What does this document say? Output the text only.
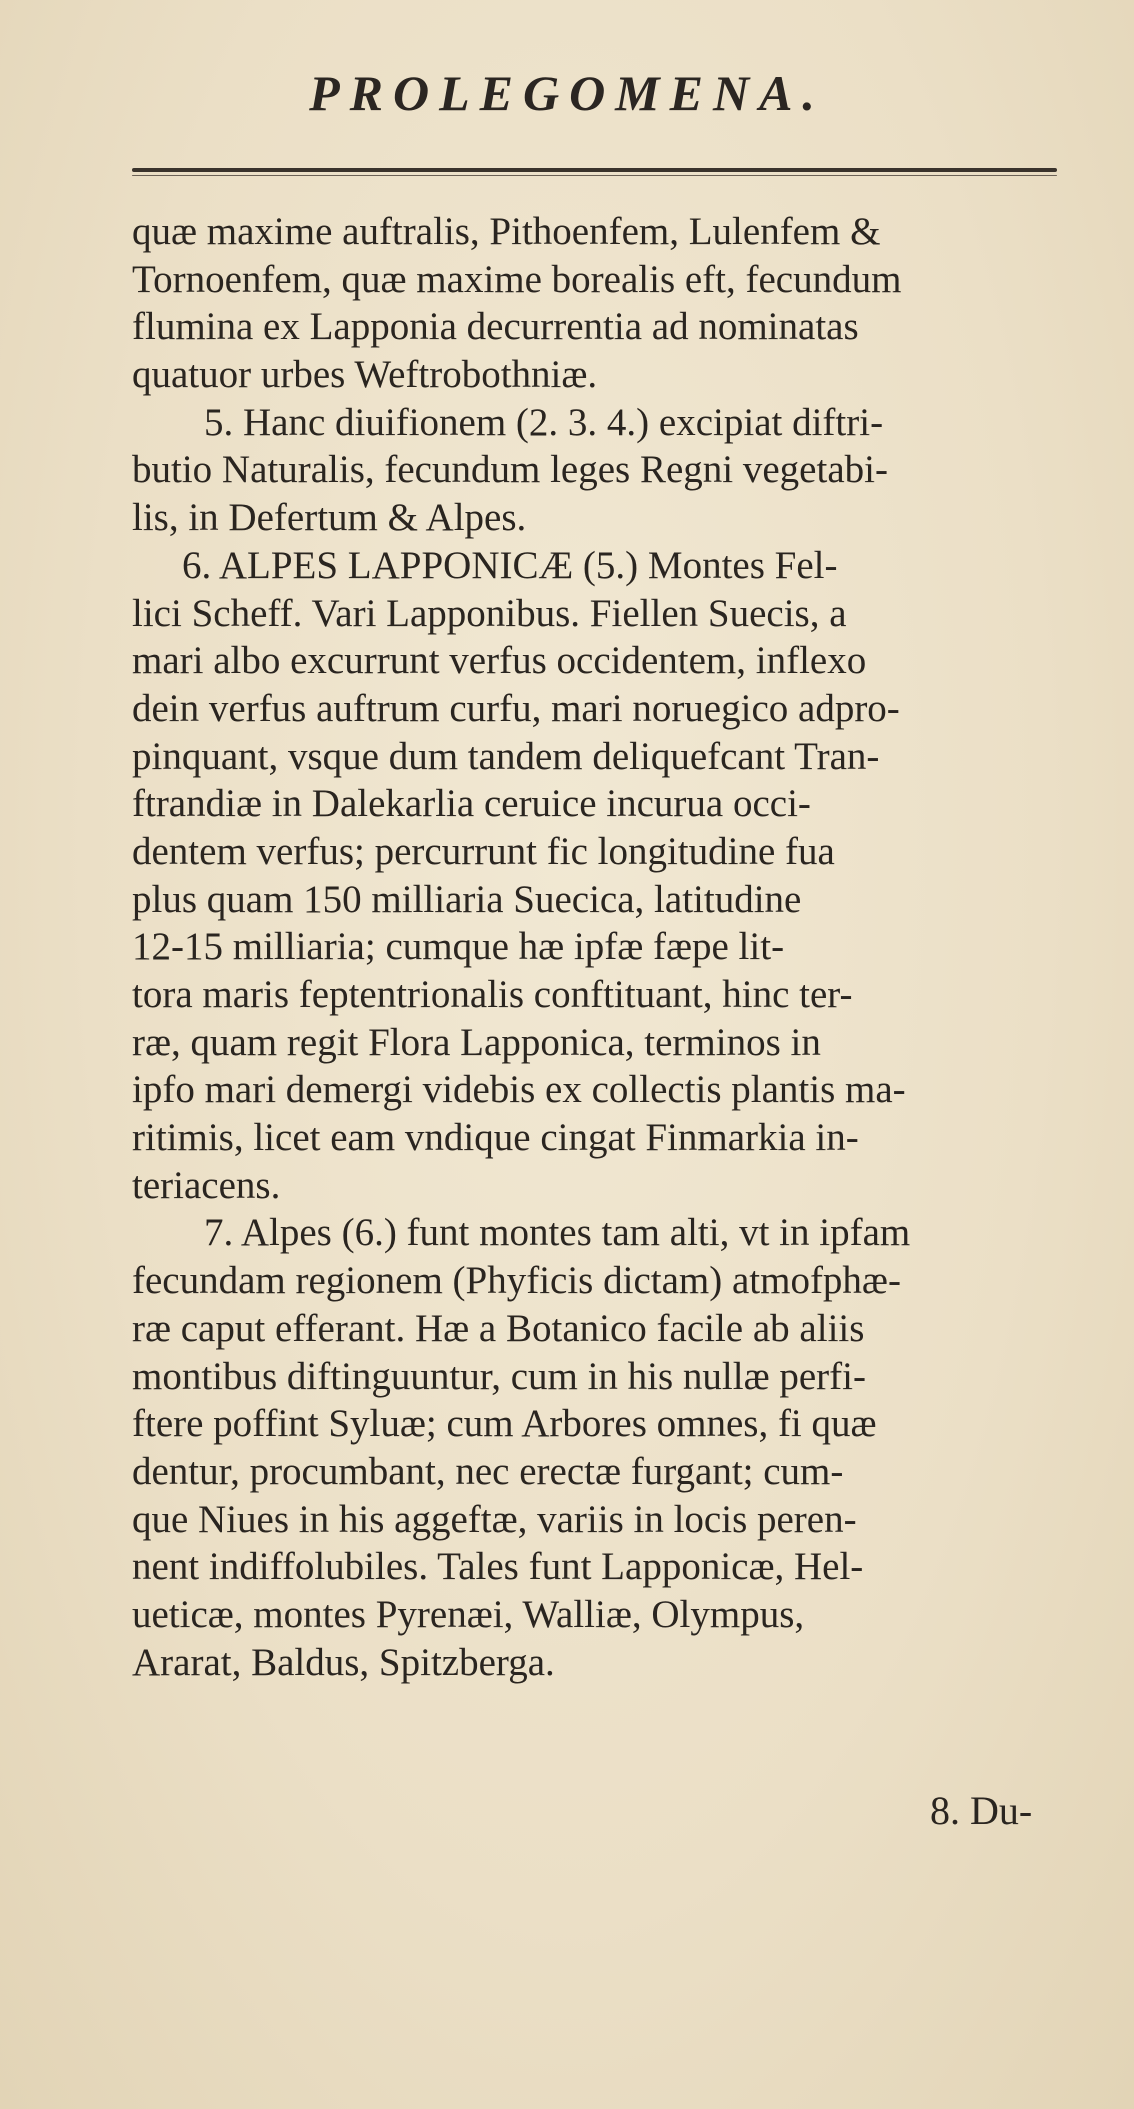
PROLEGOMENA.
quæ maxime auftralis, Pithoenfem, Lulenfem &
Tornoenfem, quæ maxime borealis eft, fecundum
flumina ex Lapponia decurrentia ad nominatas
quatuor urbes Weftrobothniæ.
5. Hanc diuifionem (2. 3. 4.) excipiat diftri-
butio Naturalis, fecundum leges Regni vegetabi-
lis, in Defertum & Alpes.
6. ALPES LAPPONICÆ (5.) Montes Fel-
lici Scheff. Vari Lapponibus. Fiellen Suecis, a
mari albo excurrunt verfus occidentem, inflexo
dein verfus auftrum curfu, mari noruegico adpro-
pinquant, vsque dum tandem deliquefcant Tran-
ftrandiæ in Dalekarlia ceruice incurua occi-
dentem verfus; percurrunt fic longitudine fua
plus quam 150 milliaria Suecica, latitudine
12-15 milliaria; cumque hæ ipfæ fæpe lit-
tora maris feptentrionalis conftituant, hinc ter-
ræ, quam regit Flora Lapponica, terminos in
ipfo mari demergi videbis ex collectis plantis ma-
ritimis, licet eam vndique cingat Finmarkia in-
teriacens.
7. Alpes (6.) funt montes tam alti, vt in ipfam
fecundam regionem (Phyficis dictam) atmofphæ-
ræ caput efferant. Hæ a Botanico facile ab aliis
montibus diftinguuntur, cum in his nullæ perfi-
ftere poffint Syluæ; cum Arbores omnes, fi quæ
dentur, procumbant, nec erectæ furgant; cum-
que Niues in his aggeftæ, variis in locis peren-
nent indiffolubiles. Tales funt Lapponicæ, Hel-
ueticæ, montes Pyrenæi, Walliæ, Olympus,
Ararat, Baldus, Spitzberga.
8. Du-
